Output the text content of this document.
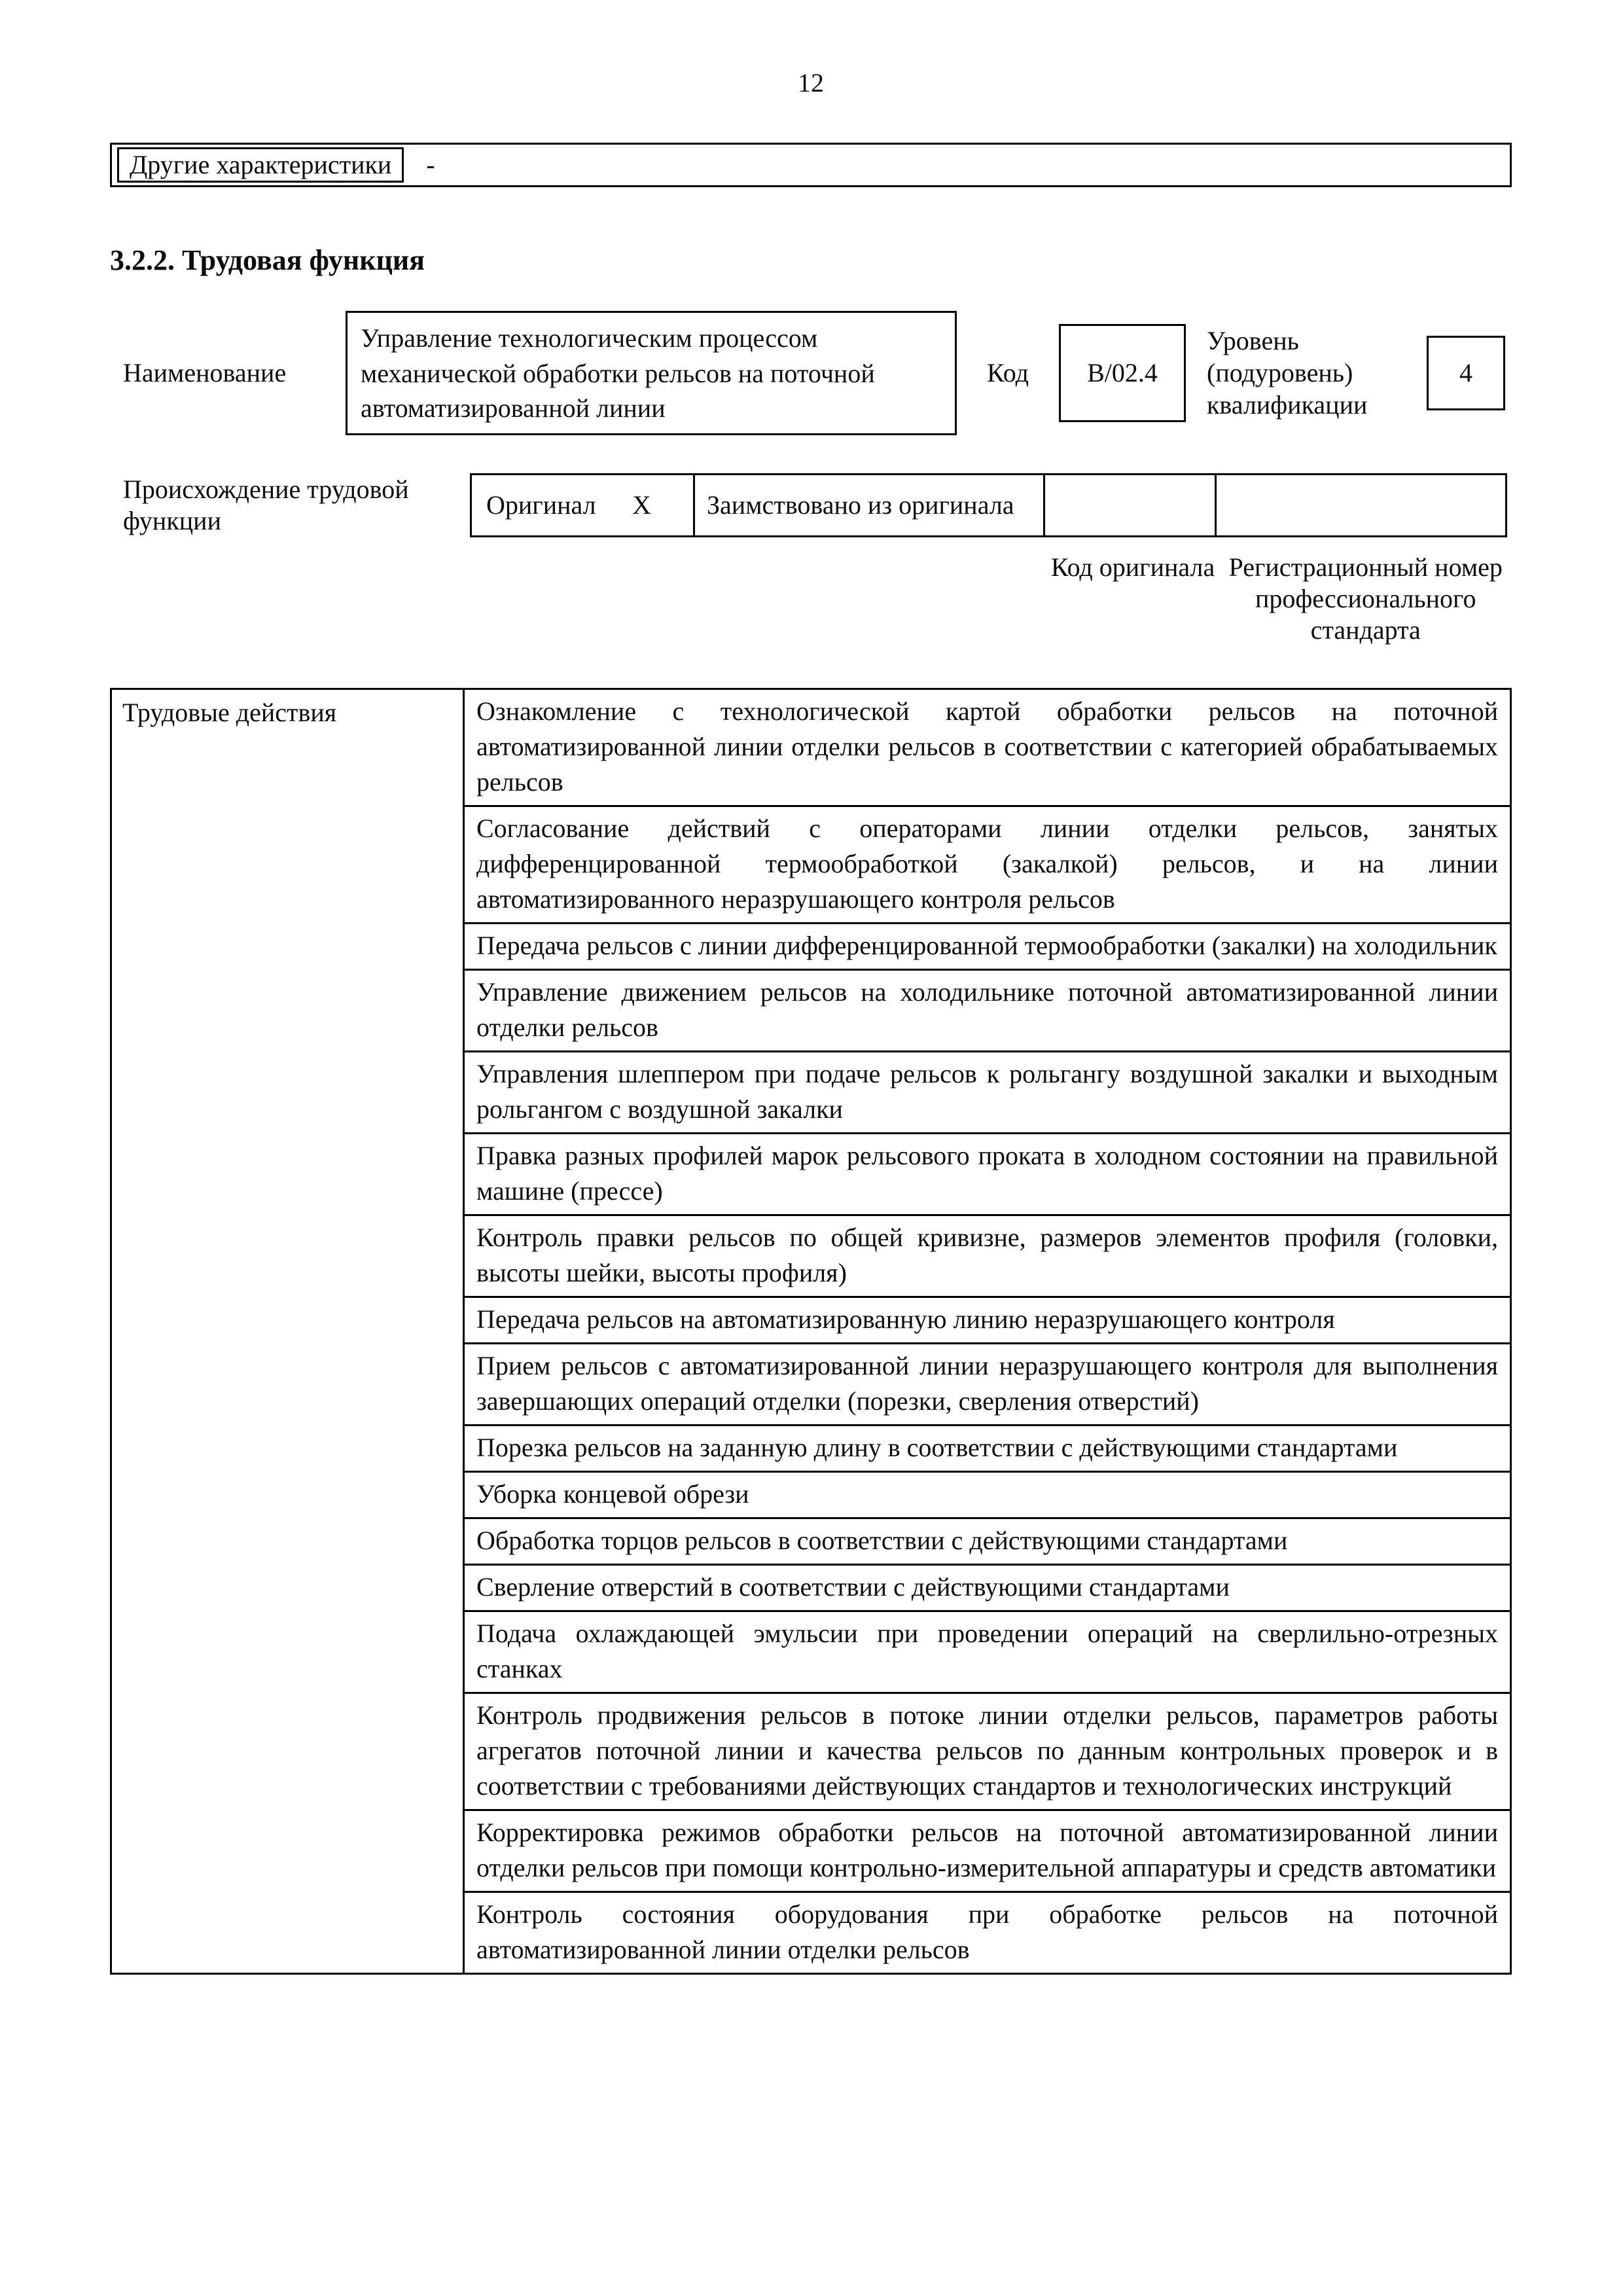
12
Другие характеристики	-
3.2.2. Трудовая функция
Наименование
Управление технологическим процессом механической обработки рельсов на поточной автоматизированной линии
Код	В/02.4
Уровень (подуровень) квалификации
4
Происхождение трудовой функции
Оригинал X Заимствовано из оригинала
Код оригинала Регистрационный номер профессионального стандарта
Трудовые действия	Ознакомление с технологической картой обработки рельсов на поточной автоматизированной линии отделки рельсов в соответствии с категорией обрабатываемых рельсов
Согласование действий с операторами линии отделки рельсов, занятых дифференцированной термообработкой (закалкой) рельсов, и на линии автоматизированного неразрушающего контроля рельсов
Передача рельсов с линии дифференцированной термообработки (закалки) на холодильник
Управление движением рельсов на холодильнике поточной автоматизированной линии отделки рельсов
Управления шлеппером при подаче рельсов к рольгангу воздушной закалки и выходным рольгангом с воздушной закалки
Правка разных профилей марок рельсового проката в холодном состоянии на правильной машине (прессе)
Контроль правки рельсов по общей кривизне, размеров элементов профиля (головки, высоты шейки, высоты профиля)
Передача рельсов на автоматизированную линию неразрушающего контроля
Прием рельсов с автоматизированной линии неразрушающего контроля для выполнения завершающих операций отделки (порезки, сверления отверстий)
Порезка рельсов на заданную длину в соответствии с действующими стандартами
Уборка концевой обрези
Обработка торцов рельсов в соответствии с действующими стандартами
Сверление отверстий в соответствии с действующими стандартами
Подача охлаждающей эмульсии при проведении операций на сверлильно-отрезных станках
Контроль продвижения рельсов в потоке линии отделки рельсов, параметров работы агрегатов поточной линии и качества рельсов по данным контрольных проверок и в соответствии с требованиями действующих стандартов и технологических инструкций
Корректировка режимов обработки рельсов на поточной автоматизированной линии отделки рельсов при помощи контрольно-измерительной аппаратуры и средств автоматики
Контроль состояния оборудования при обработке рельсов на поточной автоматизированной линии отделки рельсов
